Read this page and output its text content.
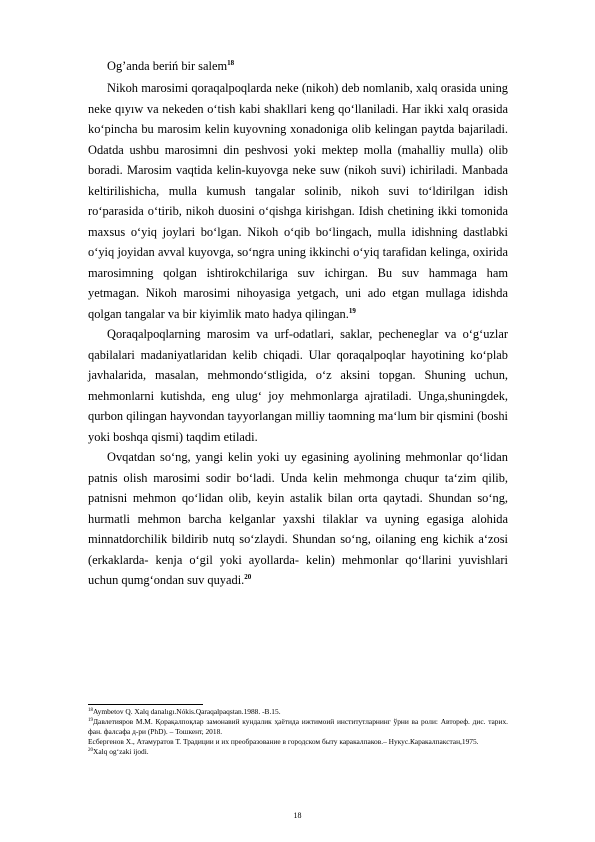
Og’anda beriń bir salem$^{18}$

Nikoh marosimi qoraqalpoqlarda neke (nikoh) deb nomlanib, xalq orasida uning neke qıyıw va nekeden o‘tish kabi shakllari keng qo‘llaniladi. Har ikki xalq orasida ko‘pincha bu marosim kelin kuyovning xonadoniga olib kelingan paytda bajariladi. Odatda ushbu marosimni din peshvosi yoki mektep molla (mahalliy mulla) olib boradi. Marosim vaqtida kelin-kuyovga neke suw (nikoh suvi) ichiriladi. Manbada keltirilishicha, mulla kumush tangalar solinib, nikoh suvi to‘ldirilgan idish ro‘parasida o‘tirib, nikoh duosini o‘qishga kirishgan. Idish chetining ikki tomonida maxsus o‘yiq joylari bo‘lgan. Nikoh o‘qib bo‘lingach, mulla idishning dastlabki o‘yiq joyidan avval kuyovga, so‘ngra uning ikkinchi o‘yiq tarafidan kelinga, oxirida marosimning qolgan ishtirokchilariga suv ichirgan. Bu suv hammaga ham yetmagan. Nikoh marosimi nihoyasiga yetgach, uni ado etgan mullaga idishda qolgan tangalar va bir kiyimlik mato hadya qilingan.$^{19}$

Qoraqalpoqlarning marosim va urf-odatlari, saklar, pecheneglar va o‘g‘uzlar qabilalari madaniyatlaridan kelib chiqadi. Ular qoraqalpoqlar hayotining ko‘plab javhalarida, masalan, mehmondo‘stligida, o‘z aksini topgan. Shuning uchun, mehmonlarni kutishda, eng ulug‘ joy mehmonlarga ajratiladi. Unga,shuningdek, qurbon qilingan hayvondan tayyorlangan milliy taomning ma‘lum bir qismini (boshi yoki boshqa qismi) taqdim etiladi.

Ovqatdan so‘ng, yangi kelin yoki uy egasining ayolining mehmonlar qo‘lidan patnis olish marosimi sodir bo‘ladi. Unda kelin mehmonga chuqur ta‘zim qilib, patnisni mehmon qo‘lidan olib, keyin astalik bilan orta qaytadi. Shundan so‘ng, hurmatli mehmon barcha kelganlar yaxshi tilaklar va uyning egasiga alohida minnatdorchilik bildirib nutq so‘zlaydi. Shundan so‘ng, oilaning eng kichik a‘zosi (erkaklarda- kenja o‘gil yoki ayollarda- kelin) mehmonlar qo‘llarini yuvishlari uchun qumg‘ondan suv quyadi.$^{20}$

$^{18}$Aymbetov Q. Xalq danalıgı.Nókis.Qaraqalpaqstan.1988. -B.15.
$^{19}$Давлетияров М.М. Қорақалпоқлар замонавий кундалик ҳаётида ижтимоий институтларнинг ўрни ва роли: Автореф. дис. тарих. фан. фалсафа д-ри (PhD). – Тошкент, 2018.
Есбергенов Х., Атамуратов Т. Традиции и их преобразование в городском быту каракалпаков.– Нукус.Каракалпакстан,1975.
$^{20}$Xalq og‘zaki ijodi.
18
